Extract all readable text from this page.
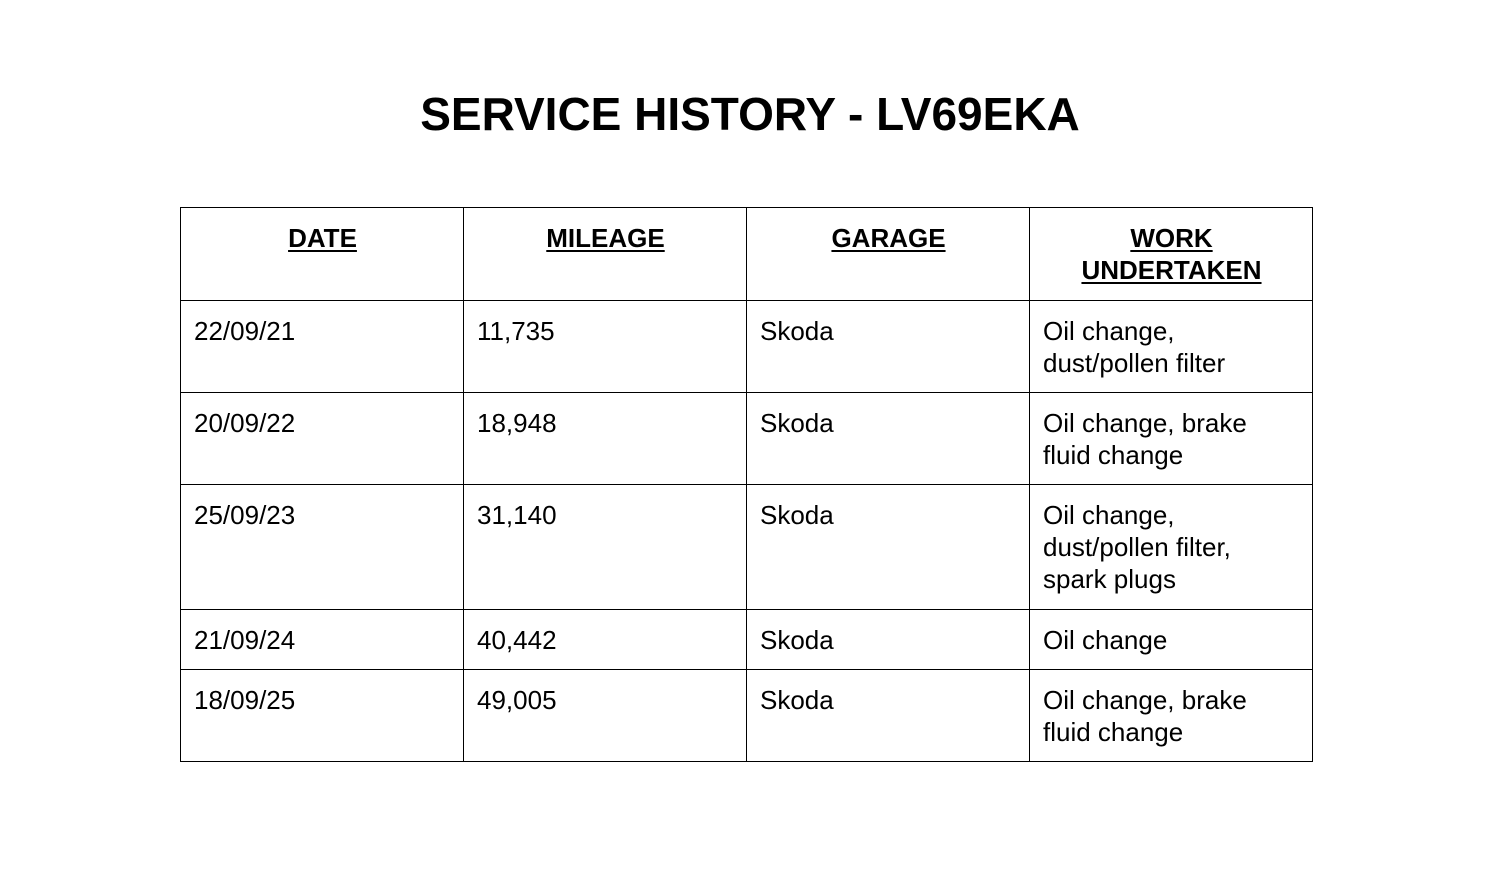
SERVICE HISTORY - LV69EKA
DATE	MILEAGE	GARAGE	WORK UNDERTAKEN
22/09/21	11,735	Skoda	Oil change, dust/pollen filter
20/09/22	18,948	Skoda	Oil change, brake fluid change
25/09/23	31,140	Skoda	Oil change, dust/pollen filter, spark plugs
21/09/24	40,442	Skoda	Oil change
18/09/25	49,005	Skoda	Oil change, brake fluid change
